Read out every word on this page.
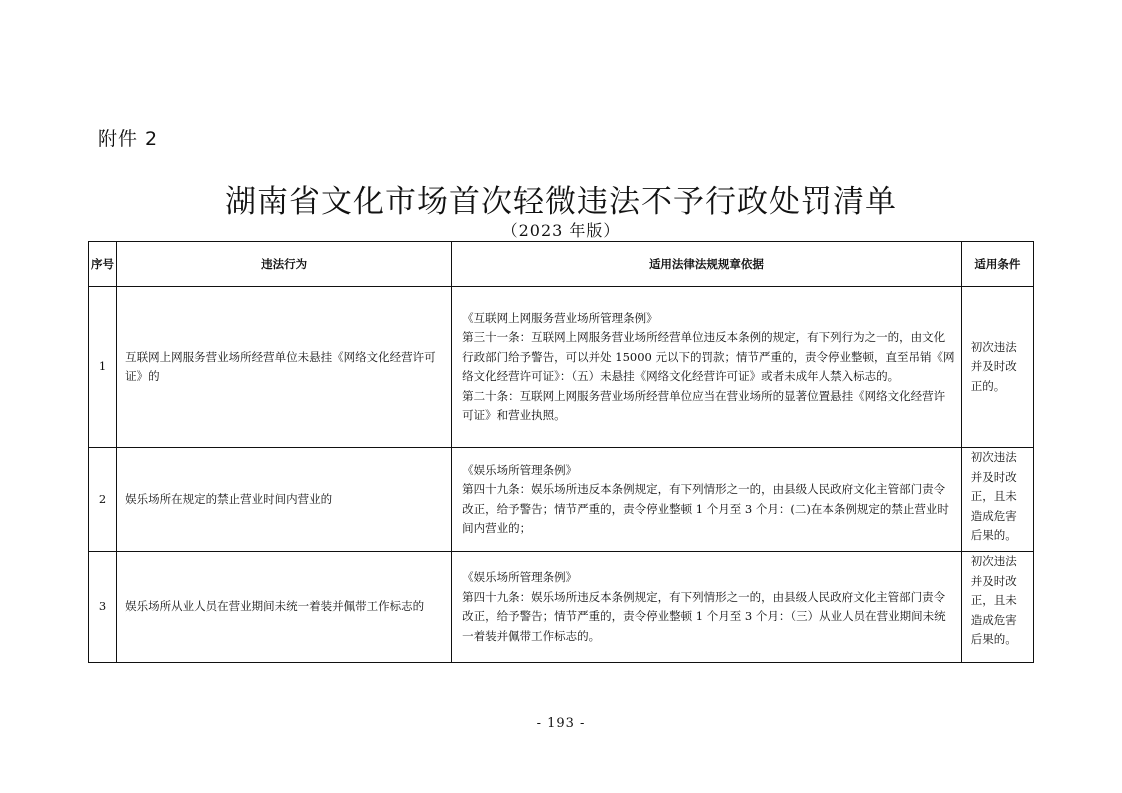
附件 2
湖南省文化市场首次轻微违法不予行政处罚清单
（2023 年版）
序号	违法行为	适用法律法规规章依据	适用条件
1	互联网上网服务营业场所经营单位未悬挂《网络文化经营许可证》的	《互联网上网服务营业场所管理条例》
第三十一条：互联网上网服务营业场所经营单位违反本条例的规定，有下列行为之一的，由文化行政部门给予警告，可以并处 15000 元以下的罚款；情节严重的，责令停业整顿，直至吊销《网络文化经营许可证》：（五）未悬挂《网络文化经营许可证》或者未成年人禁入标志的。
第二十条：互联网上网服务营业场所经营单位应当在营业场所的显著位置悬挂《网络文化经营许可证》和营业执照。	初次违法并及时改正的。
2	娱乐场所在规定的禁止营业时间内营业的	《娱乐场所管理条例》
第四十九条：娱乐场所违反本条例规定，有下列情形之一的，由县级人民政府文化主管部门责令改正，给予警告；情节严重的，责令停业整顿 1 个月至 3 个月：(二)在本条例规定的禁止营业时间内营业的；	初次违法并及时改正，且未造成危害后果的。
3	娱乐场所从业人员在营业期间未统一着装并佩带工作标志的	《娱乐场所管理条例》
第四十九条：娱乐场所违反本条例规定，有下列情形之一的，由县级人民政府文化主管部门责令改正，给予警告；情节严重的，责令停业整顿 1 个月至 3 个月：（三）从业人员在营业期间未统一着装并佩带工作标志的。	初次违法并及时改正，且未造成危害后果的。
- 193 -
